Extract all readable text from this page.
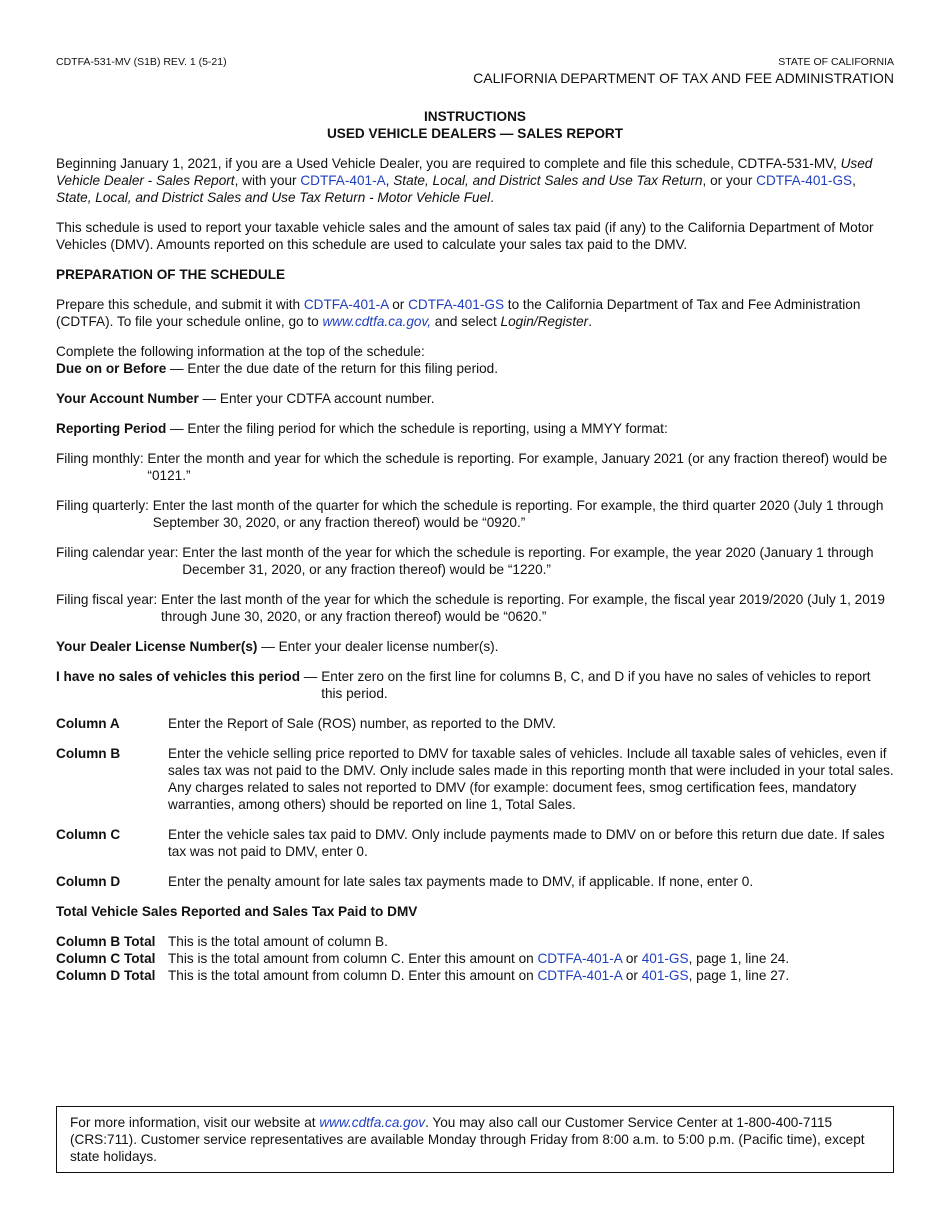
CDTFA-531-MV (S1B) REV. 1 (5-21)	STATE OF CALIFORNIA
CALIFORNIA DEPARTMENT OF TAX AND FEE ADMINISTRATION
INSTRUCTIONS
USED VEHICLE DEALERS — SALES REPORT

Beginning January 1, 2021, if you are a Used Vehicle Dealer, you are required to complete and file this schedule, CDTFA-531-MV, Used Vehicle Dealer - Sales Report, with your CDTFA-401-A, State, Local, and District Sales and Use Tax Return, or your CDTFA-401-GS, State, Local, and District Sales and Use Tax Return - Motor Vehicle Fuel.

This schedule is used to report your taxable vehicle sales and the amount of sales tax paid (if any) to the California Department of Motor Vehicles (DMV). Amounts reported on this schedule are used to calculate your sales tax paid to the DMV.

PREPARATION OF THE SCHEDULE

Prepare this schedule, and submit it with CDTFA-401-A or CDTFA-401-GS to the California Department of Tax and Fee Administration (CDTFA). To file your schedule online, go to www.cdtfa.ca.gov, and select Login/Register.

Complete the following information at the top of the schedule:

Due on or Before — Enter the due date of the return for this filing period.

Your Account Number — Enter your CDTFA account number.

Reporting Period — Enter the filing period for which the schedule is reporting, using a MMYY format:

Filing monthly: Enter the month and year for which the schedule is reporting. For example, January 2021 (or any fraction thereof) would be “0121.”
Filing quarterly: Enter the last month of the quarter for which the schedule is reporting. For example, the third quarter 2020 (July 1 through September 30, 2020, or any fraction thereof) would be “0920.”
Filing calendar year: Enter the last month of the year for which the schedule is reporting. For example, the year 2020 (January 1 through December 31, 2020, or any fraction thereof) would be “1220.”
Filing fiscal year: Enter the last month of the year for which the schedule is reporting. For example, the fiscal year 2019/2020 (July 1, 2019 through June 30, 2020, or any fraction thereof) would be “0620.”

Your Dealer License Number(s) — Enter your dealer license number(s).

I have no sales of vehicles this period — Enter zero on the first line for columns B, C, and D if you have no sales of vehicles to report this period.
Column A	Enter the Report of Sale (ROS) number, as reported to the DMV.
Column B	Enter the vehicle selling price reported to DMV for taxable sales of vehicles. Include all taxable sales of vehicles, even if sales tax was not paid to the DMV. Only include sales made in this reporting month that were included in your total sales. Any charges related to sales not reported to DMV (for example: document fees, smog certification fees, mandatory warranties, among others) should be reported on line 1, Total Sales.
Column C	Enter the vehicle sales tax paid to DMV. Only include payments made to DMV on or before this return due date. If sales tax was not paid to DMV, enter 0.
Column D	Enter the penalty amount for late sales tax payments made to DMV, if applicable. If none, enter 0.
Total Vehicle Sales Reported and Sales Tax Paid to DMV
Column B Total This is the total amount of column B.
Column C Total This is the total amount from column C. Enter this amount on CDTFA-401-A or 401-GS, page 1, line 24.
Column D Total This is the total amount from column D. Enter this amount on CDTFA-401-A or 401-GS, page 1, line 27.
For more information, visit our website at www.cdtfa.ca.gov. You may also call our Customer Service Center at 1-800-400-7115 (CRS:711). Customer service representatives are available Monday through Friday from 8:00 a.m. to 5:00 p.m. (Pacific time), except state holidays.
